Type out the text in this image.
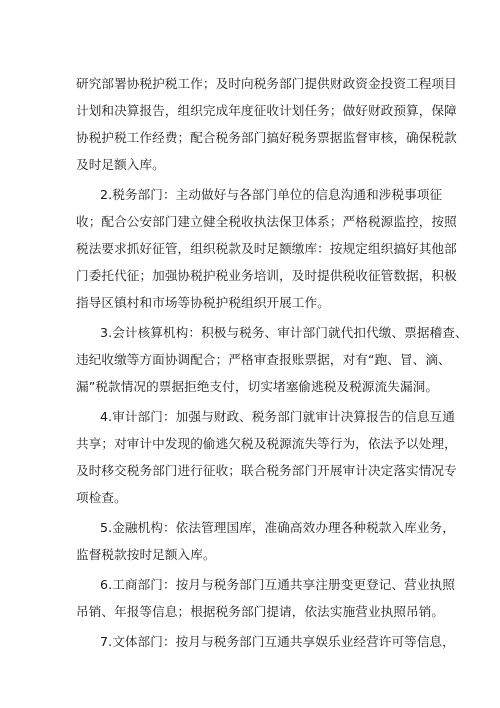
研究部署协税护税工作；及时向税务部门提供财政资金投资工程项目
计划和决算报告，组织完成年度征收计划任务；做好财政预算，保障
协税护税工作经费；配合税务部门搞好税务票据监督审核，确保税款
及时足额入库。
2.税务部门：主动做好与各部门单位的信息沟通和涉税事项征
收；配合公安部门建立健全税收执法保卫体系；严格税源监控，按照
税法要求抓好征管，组织税款及时足额缴库：按规定组织搞好其他部
门委托代征；加强协税护税业务培训，及时提供税收征管数据，积极
指导区镇村和市场等协税护税组织开展工作。
3.会计核算机构：积极与税务、审计部门就代扣代缴、票据稽查、
违纪收缴等方面协调配合；严格审查报账票据，对有“跑、冒、滴、
漏”税款情况的票据拒绝支付，切实堵塞偷逃税及税源流失漏洞。
4.审计部门：加强与财政、税务部门就审计决算报告的信息互通
共享；对审计中发现的偷逃欠税及税源流失等行为，依法予以处理，
及时移交税务部门进行征收；联合税务部门开展审计决定落实情况专
项检查。
5.金融机构：依法管理国库，准确高效办理各种税款入库业务，
监督税款按时足额入库。
6.工商部门：按月与税务部门互通共享注册变更登记、营业执照
吊销、年报等信息；根据税务部门提请，依法实施营业执照吊销。
7.文体部门：按月与税务部门互通共享娱乐业经营许可等信息，
